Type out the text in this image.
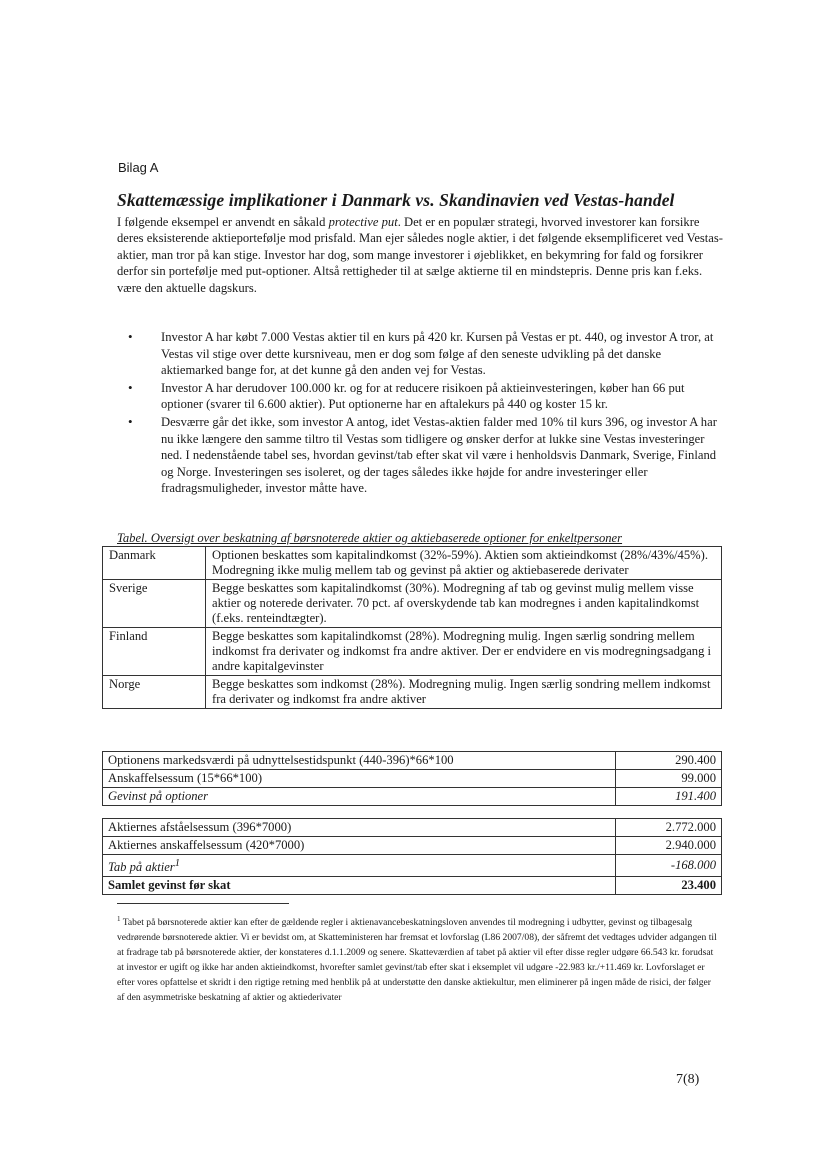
Bilag A
Skattemæssige implikationer i Danmark vs. Skandinavien ved Vestas-handel
I følgende eksempel er anvendt en såkald protective put. Det er en populær strategi, hvorved investorer kan forsikre deres eksisterende aktieportefølje mod prisfald. Man ejer således nogle aktier, i det følgende eksemplificeret ved Vestas-aktier, man tror på kan stige. Investor har dog, som mange investorer i øjeblikket, en bekymring for fald og forsikrer derfor sin portefølje med put-optioner. Altså rettigheder til at sælge aktierne til en mindstepris. Denne pris kan f.eks. være den aktuelle dagskurs.
• Investor A har købt 7.000 Vestas aktier til en kurs på 420 kr. Kursen på Vestas er pt. 440, og investor A tror, at Vestas vil stige over dette kursniveau, men er dog som følge af den seneste udvikling på det danske aktiemarked bange for, at det kunne gå den anden vej for Vestas.
• Investor A har derudover 100.000 kr. og for at reducere risikoen på aktieinvesteringen, køber han 66 put optioner (svarer til 6.600 aktier). Put optionerne har en aftalekurs på 440 og koster 15 kr.
• Desværre går det ikke, som investor A antog, idet Vestas-aktien falder med 10% til kurs 396, og investor A har nu ikke længere den samme tiltro til Vestas som tidligere og ønsker derfor at lukke sine Vestas investeringer ned. I nedenstående tabel ses, hvordan gevinst/tab efter skat vil være i henholdsvis Danmark, Sverige, Finland og Norge. Investeringen ses isoleret, og der tages således ikke højde for andre investeringer eller fradragsmuligheder, investor måtte have.
Tabel. Oversigt over beskatning af børsnoterede aktier og aktiebaserede optioner for enkeltpersoner
Danmark	Optionen beskattes som kapitalindkomst (32%-59%). Aktien som aktieindkomst (28%/43%/45%). Modregning ikke mulig mellem tab og gevinst på aktier og aktiebaserede derivater
Sverige	Begge beskattes som kapitalindkomst (30%). Modregning af tab og gevinst mulig mellem visse aktier og noterede derivater. 70 pct. af overskydende tab kan modregnes i anden kapitalindkomst (f.eks. renteindtægter).
Finland	Begge beskattes som kapitalindkomst (28%). Modregning mulig. Ingen særlig sondring mellem indkomst fra derivater og indkomst fra andre aktiver. Der er endvidere en vis modregningsadgang i andre kapitalgevinster
Norge	Begge beskattes som indkomst (28%). Modregning mulig. Ingen særlig sondring mellem indkomst fra derivater og indkomst fra andre aktiver
Optionens markedsværdi på udnyttelsestidspunkt (440-396)*66*100	290.400
Anskaffelsessum (15*66*100)	99.000
Gevinst på optioner	191.400

Aktiernes afståelsessum (396*7000)	2.772.000
Aktiernes anskaffelsessum (420*7000)	2.940.000
Tab på aktier$^1$	-168.000
Samlet gevinst før skat	23.400
$^1$ Tabet på børsnoterede aktier kan efter de gældende regler i aktienavancebeskatningsloven anvendes til modregning i udbytter, gevinst og tilbagesalg vedrørende børsnoterede aktier. Vi er bevidst om, at Skatteministeren har fremsat et lovforslag (L86 2007/08), der såfremt det vedtages udvider adgangen til at fradrage tab på børsnoterede aktier, der konstateres d.1.1.2009 og senere. Skatteværdien af tabet på aktier vil efter disse regler udgøre 66.543 kr. forudsat at investor er ugift og ikke har anden aktieindkomst, hvorefter samlet gevinst/tab efter skat i eksemplet vil udgøre -22.983 kr./+11.469 kr. Lovforslaget er efter vores opfattelse et skridt i den rigtige retning med henblik på at understøtte den danske aktiekultur, men eliminerer på ingen måde de risici, der følger af den asymmetriske beskatning af aktier og aktiederivater
7(8)
